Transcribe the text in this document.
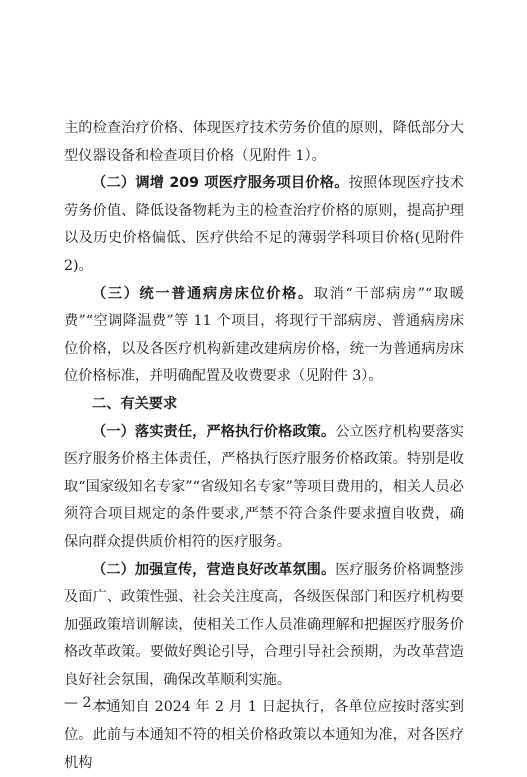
主的检查治疗价格、体现医疗技术劳务价值的原则，降低部分大型仪器设备和检查项目价格（见附件 1）。

（二）调增 209 项医疗服务项目价格。按照体现医疗技术劳务价值、降低设备物耗为主的检查治疗价格的原则，提高护理以及历史价格偏低、医疗供给不足的薄弱学科项目价格(见附件 2)。

（三）统一普通病房床位价格。取消“干部病房”“取暖费”“空调降温费”等 11 个项目，将现行干部病房、普通病房床位价格，以及各医疗机构新建改建病房价格，统一为普通病房床位价格标准，并明确配置及收费要求（见附件 3）。

二、有关要求

（一）落实责任，严格执行价格政策。公立医疗机构要落实医疗服务价格主体责任，严格执行医疗服务价格政策。特别是收取“国家级知名专家”“省级知名专家”等项目费用的，相关人员必须符合项目规定的条件要求,严禁不符合条件要求擅自收费，确保向群众提供质价相符的医疗服务。

（二）加强宣传，营造良好改革氛围。医疗服务价格调整涉及面广、政策性强、社会关注度高，各级医保部门和医疗机构要加强政策培训解读，使相关工作人员准确理解和把握医疗服务价格改革政策。要做好舆论引导，合理引导社会预期，为改革营造良好社会氛围，确保改革顺利实施。

本通知自 2024 年 2 月 1 日起执行，各单位应按时落实到位。此前与本通知不符的相关价格政策以本通知为准，对各医疗机构

— 2 —
